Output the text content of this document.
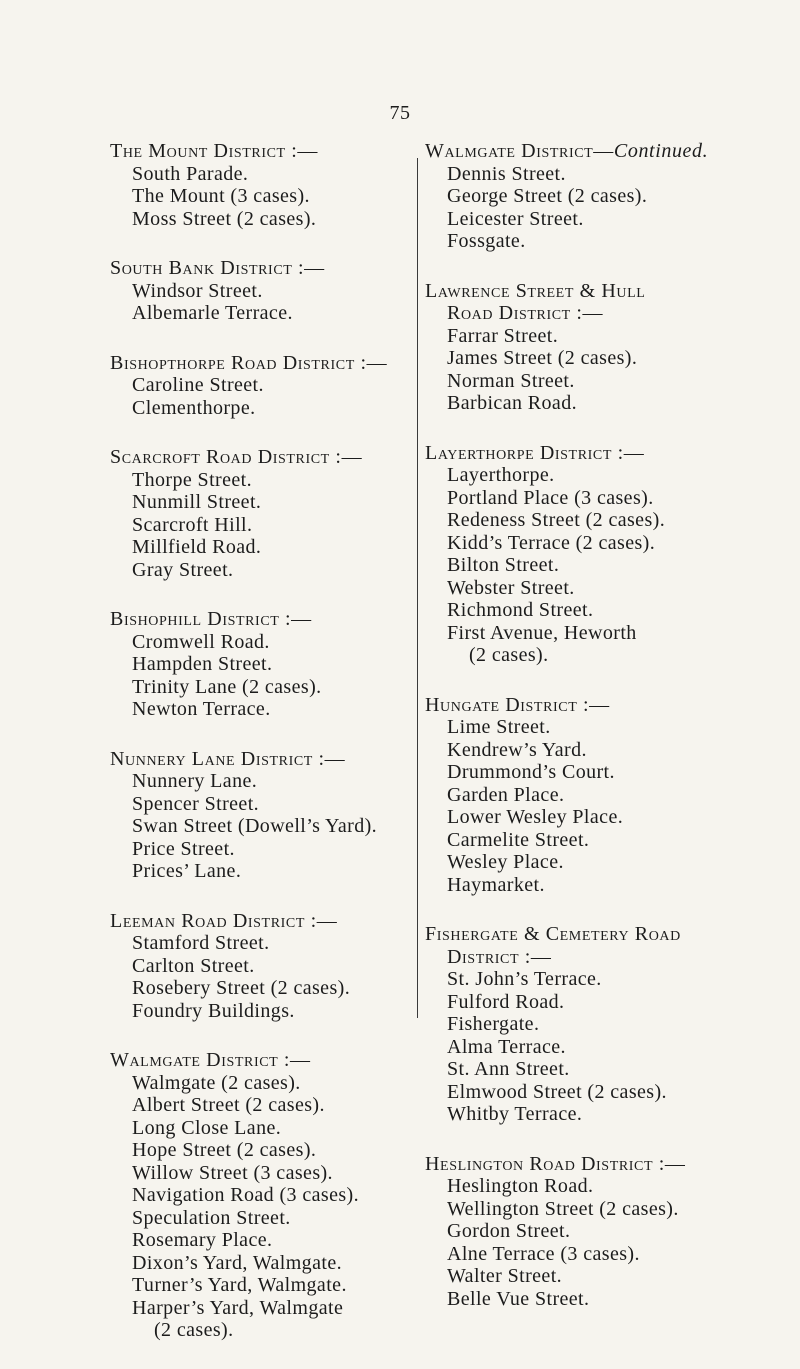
75
The Mount District :—
South Parade.
The Mount (3 cases).
Moss Street (2 cases).
South Bank District :—
Windsor Street.
Albemarle Terrace.
Bishopthorpe Road District :—
Caroline Street.
Clementhorpe.
Scarcroft Road District :—
Thorpe Street.
Nunmill Street.
Scarcroft Hill.
Millfield Road.
Gray Street.
Bishophill District :—
Cromwell Road.
Hampden Street.
Trinity Lane (2 cases).
Newton Terrace.
Nunnery Lane District :—
Nunnery Lane.
Spencer Street.
Swan Street (Dowell’s Yard).
Price Street.
Prices’ Lane.
Leeman Road District :—
Stamford Street.
Carlton Street.
Rosebery Street (2 cases).
Foundry Buildings.
Walmgate District :—
Walmgate (2 cases).
Albert Street (2 cases).
Long Close Lane.
Hope Street (2 cases).
Willow Street (3 cases).
Navigation Road (3 cases).
Speculation Street.
Rosemary Place.
Dixon’s Yard, Walmgate.
Turner’s Yard, Walmgate.
Harper’s Yard, Walmgate
(2 cases).
Walmgate District—Continued.
Dennis Street.
George Street (2 cases).
Leicester Street.
Fossgate.
Lawrence Street & Hull
Road District :—
Farrar Street.
James Street (2 cases).
Norman Street.
Barbican Road.
Layerthorpe District :—
Layerthorpe.
Portland Place (3 cases).
Redeness Street (2 cases).
Kidd’s Terrace (2 cases).
Bilton Street.
Webster Street.
Richmond Street.
First Avenue, Heworth
(2 cases).
Hungate District :—
Lime Street.
Kendrew’s Yard.
Drummond’s Court.
Garden Place.
Lower Wesley Place.
Carmelite Street.
Wesley Place.
Haymarket.
Fishergate & Cemetery Road
District :—
St. John’s Terrace.
Fulford Road.
Fishergate.
Alma Terrace.
St. Ann Street.
Elmwood Street (2 cases).
Whitby Terrace.
Heslington Road District :—
Heslington Road.
Wellington Street (2 cases).
Gordon Street.
Alne Terrace (3 cases).
Walter Street.
Belle Vue Street.
